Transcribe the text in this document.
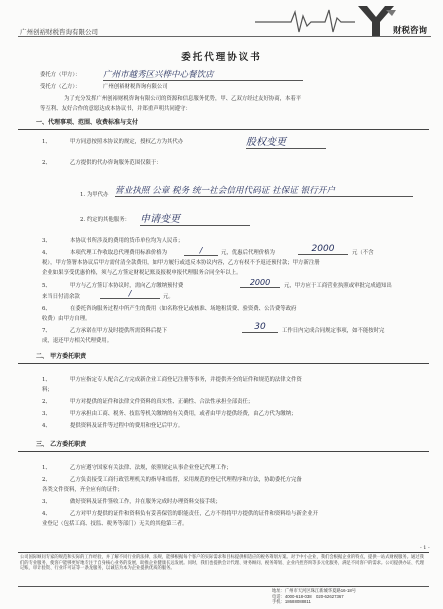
广州创裕财税咨询有限公司	财税咨询
委托代理协议书
委托方（甲方）：	广州市越秀区兴桦中心餐饮店
受托方（乙方）：	广州创裕财税咨询有限公司
为了充分发挥广州创裕财税咨询有限公司的资源和信息服务优势，甲、乙双方经过友好协商，本着平
等互利、友好合作的意愿达成本协议书，并郑重声明共同遵守：
一、代理事项、范围、收费标准与支付
1、	甲方同意按照本协议的规定，授权乙方为其代办	股权变更
2、	乙方提供的代办咨询服务范围仅限于：
1. 为甲代办 营业执照 公章 税务 统一社会信用代码证 社保证 银行开户
2. 约定的其他服务： 申请变更
3、	本协议书所涉及的费用的货币单位均为人民币；
4、	本项代理工作收取总代理费用标准价格为	/	元，优惠后代理价格为	2000	元（不含
税），甲方签署本协议后甲方需付清全款费用，如甲方履行或违反本协议内容，乙方有权不予返还预付款；甲方新注册
企业如果享受优惠价格，须与乙方签定财税记账及报税申报代理服务合同全年以上。
5、	甲方与乙方签订本协议时，需向乙方缴纳预付费	2000	元，甲方应于工商营业执照或审批完成通知出
来当日付清余款	/	元。
6、	在委托咨询服务过程中所产生的费用（如名称登记或核准、场地租赁费、验资费、公告费等政府
收费）由甲方自理。
7、	乙方承诺在甲方及时提供所需资料后提下	30	工作日内完成合同规定事项，如不能按时完
成，退还甲方相关代理费用。
二、 甲方委托职责
1、	甲方应指定专人配合乙方完成新企业工商登记注册等事务，并提供齐全的证件和规范的法律文件资
料；
2、	甲方对提供的证件和法律文件资料的真实性、正确性、合法性承担全部责任；
3、	甲方承担由工商、税务、技监等机关缴纳的有关费用，或者由甲方提供经费，由乙方代为缴纳；
4、	提供资料及证件等过程中的费用和登记后甲方。
三、 乙方委托职责
1、	乙方应遵守国家有关法律、法规，依照规定从事企业登记代理工作；
2、	乙方负责接受工商行政管理机关的指导和监督，采用规范的登记代理程序和方法，协助委托方完备
各类文件资料，齐全应有的证件；
3、	做好资料及证件签收工作，并在服务完成时办理资料交接手续；
4、	乙方对甲方提供的证件和资料负有妥善保管的职能责任，乙方不得将甲方提供的证件和资料给与新企业开
业登记（包括工商、技监、税务等部门）无关的其他第三者。
- 1 -
公司国际顾问专家的规范和实际的工作经验，并了解不同行业的法律、法规，能够根据每个客户的实际需求和目标提供相适应的税务筹划方案。对于中小企业，我们会根据企业的特点，提供一站式财税服务。通过我们的专业服务，使客户能够更好地专注于自身核心业务的发展，助推企业健康长远发展。同时，我们也提供会计代理、财务顾问、税务筹划、企业内控咨询等多元化服务，满足不同客户的需求。公司提供办证、代理记账、审计验资、行业许可证等一条龙服务，以诚信为本为企业提供优质的服务。
地址：广州市天河区珠江新城华夏路16-18号
电话：4000-618-038　020-62627367
手机：18688088811
